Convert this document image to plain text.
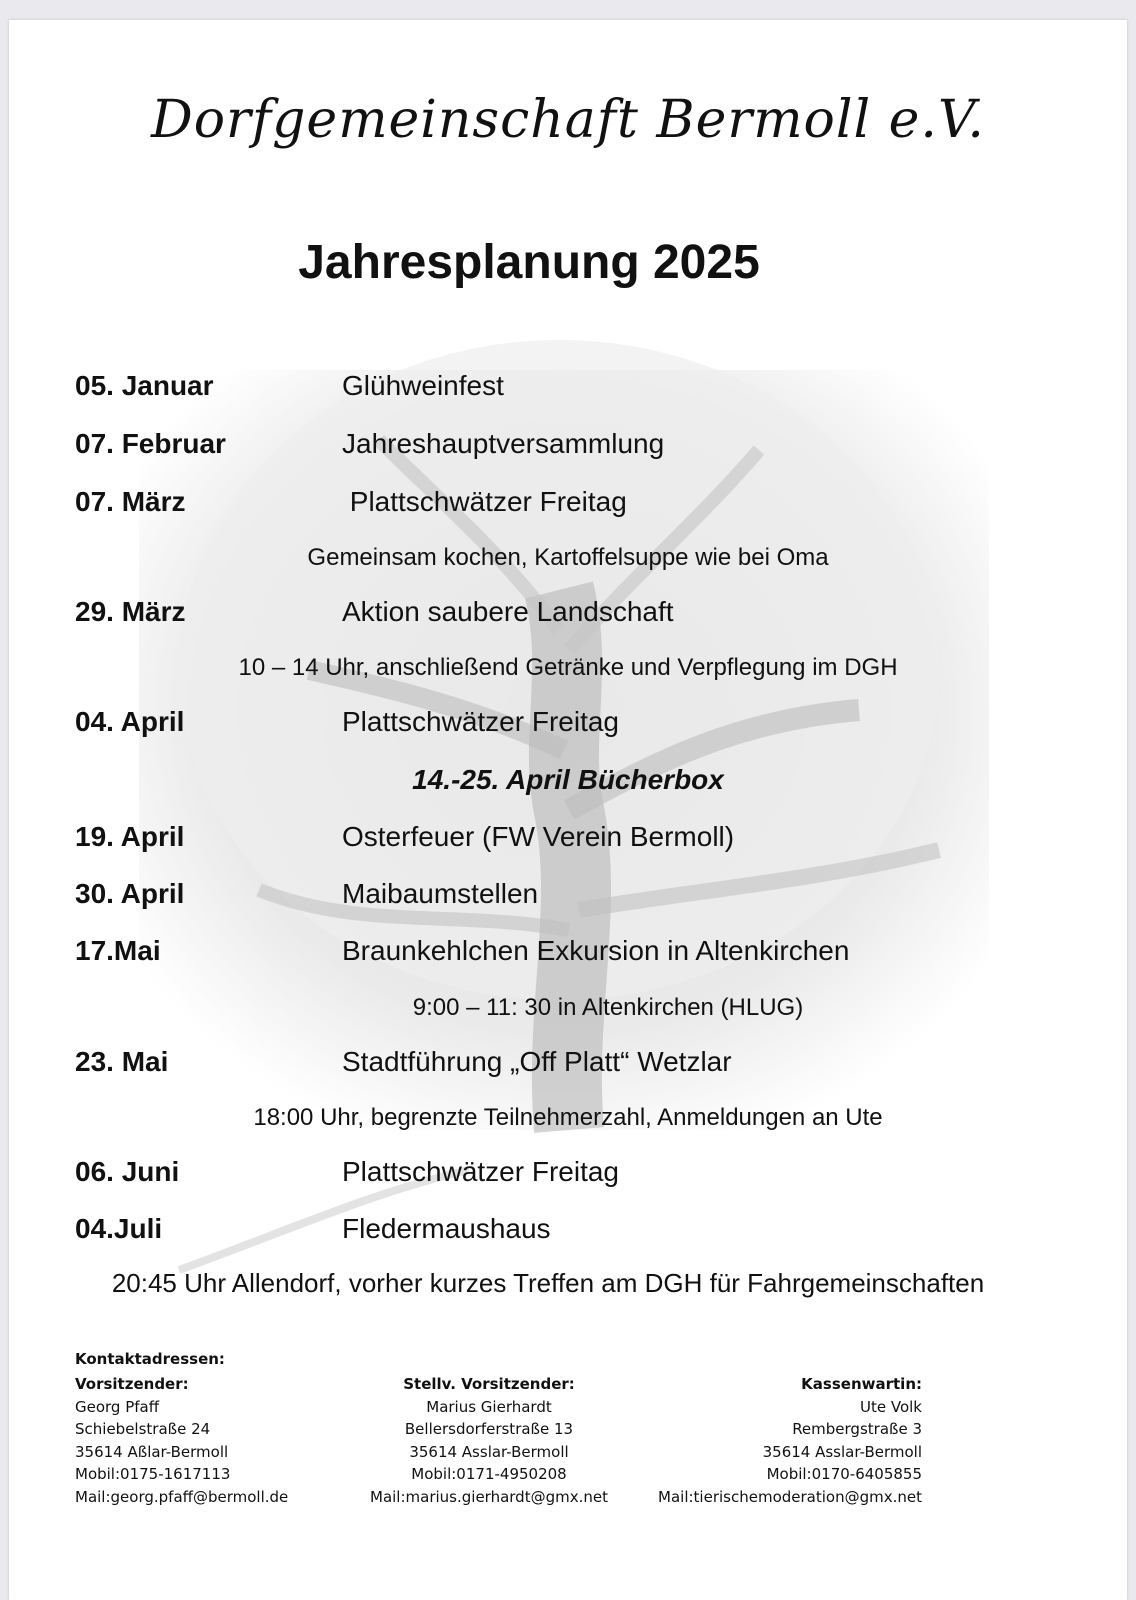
Dorfgemeinschaft Bermoll e.V.
Jahresplanung 2025
05. Januar	Glühweinfest
07. Februar	Jahreshauptversammlung
07. März	Plattschwätzer Freitag
Gemeinsam kochen, Kartoffelsuppe wie bei Oma
29. März	Aktion saubere Landschaft
10 – 14 Uhr, anschließend Getränke und Verpflegung im DGH
04. April	Plattschwätzer Freitag
14.-25. April Bücherbox
19. April	Osterfeuer (FW Verein Bermoll)
30. April	Maibaumstellen
17.Mai	Braunkehlchen Exkursion in Altenkirchen
9:00 – 11: 30 in Altenkirchen (HLUG)
23. Mai	Stadtführung „Off Platt“ Wetzlar
18:00 Uhr, begrenzte Teilnehmerzahl, Anmeldungen an Ute
06. Juni	Plattschwätzer Freitag
04.Juli	Fledermaushaus
20:45 Uhr Allendorf, vorher kurzes Treffen am DGH für Fahrgemeinschaften
Kontaktadressen:
Vorsitzender:
Georg Pfaff
Schiebelstraße 24
35614 Aßlar-Bermoll
Mobil:0175-1617113
Mail:georg.pfaff@bermoll.de
Stellv. Vorsitzender:
Marius Gierhardt
Bellersdorferstraße 13
35614 Asslar-Bermoll
Mobil:0171-4950208
Mail:marius.gierhardt@gmx.net
Kassenwartin:
Ute Volk
Rembergstraße 3
35614 Asslar-Bermoll
Mobil:0170-6405855
Mail:tierischemoderation@gmx.net
